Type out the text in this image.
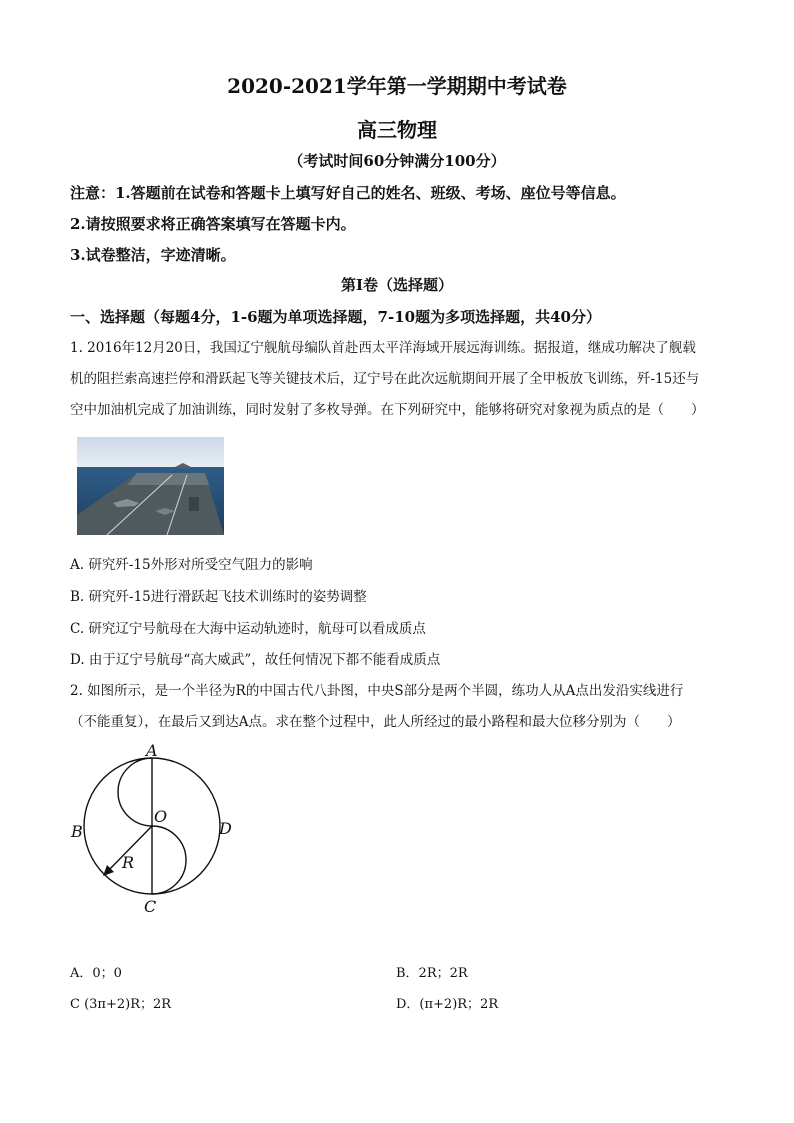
2020-2021学年第一学期期中考试卷
高三物理
（考试时间60分钟满分100分）
注意：1.答题前在试卷和答题卡上填写好自己的姓名、班级、考场、座位号等信息。
2.请按照要求将正确答案填写在答题卡内。
3.试卷整洁，字迹清晰。
第Ⅰ卷（选择题）
一、选择题（每题4分，1-6题为单项选择题，7-10题为多项选择题，共40分）
1. 2016年12月20日，我国辽宁舰航母编队首赴西太平洋海域开展远海训练。据报道，继成功解决了舰载
机的阻拦索高速拦停和滑跃起飞等关键技术后，辽宁号在此次远航期间开展了全甲板放飞训练，歼-15还与
空中加油机完成了加油训练，同时发射了多枚导弹。在下列研究中，能够将研究对象视为质点的是（　　）
A. 研究歼-15外形对所受空气阻力的影响
B. 研究歼-15进行滑跃起飞技术训练时的姿势调整
C. 研究辽宁号航母在大海中运动轨迹时，航母可以看成质点
D. 由于辽宁号航母“高大威武”，故任何情况下都不能看成质点
2. 如图所示，是一个半径为R的中国古代八卦图，中央S部分是两个半圆，练功人从A点出发沿实线进行
（不能重复），在最后又到达A点。求在整个过程中，此人所经过的最小路程和最大位移分别为（　　）
A
B
C
D
O
R
A．0；0	B．2R；2R
C (3π+2)R；2R	D．(π+2)R；2R
